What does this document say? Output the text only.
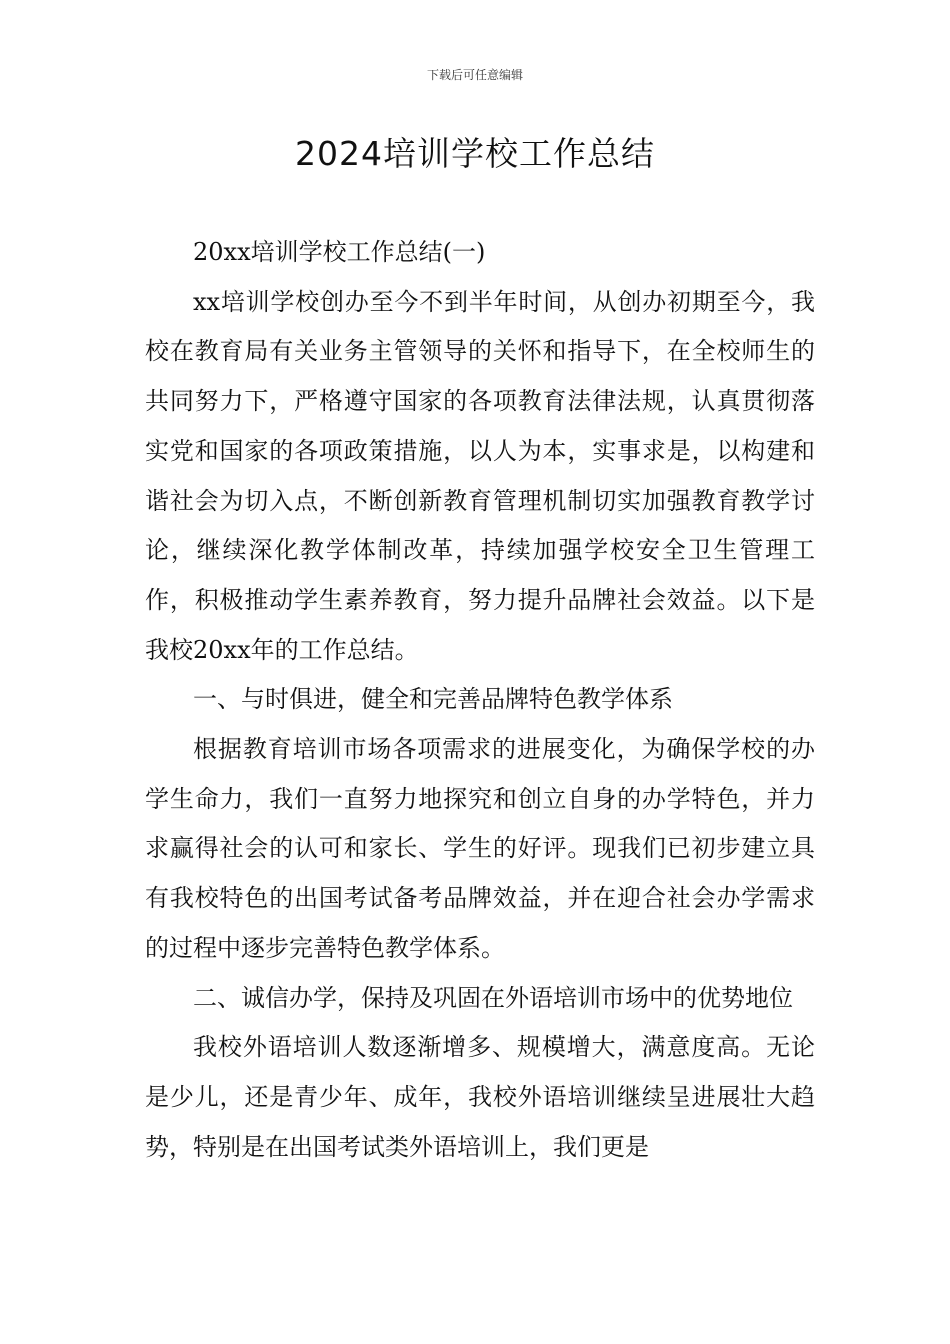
下载后可任意编辑
2024培训学校工作总结

20xx培训学校工作总结(一)

xx培训学校创办至今不到半年时间，从创办初期至今，我校在教育局有关业务主管领导的关怀和指导下，在全校师生的共同努力下，严格遵守国家的各项教育法律法规，认真贯彻落实党和国家的各项政策措施，以人为本，实事求是，以构建和谐社会为切入点，不断创新教育管理机制切实加强教育教学讨论，继续深化教学体制改革，持续加强学校安全卫生管理工作，积极推动学生素养教育，努力提升品牌社会效益。以下是我校20xx年的工作总结。

一、与时俱进，健全和完善品牌特色教学体系

根据教育培训市场各项需求的进展变化，为确保学校的办学生命力，我们一直努力地探究和创立自身的办学特色，并力求赢得社会的认可和家长、学生的好评。现我们已初步建立具有我校特色的出国考试备考品牌效益，并在迎合社会办学需求的过程中逐步完善特色教学体系。

二、诚信办学，保持及巩固在外语培训市场中的优势地位

我校外语培训人数逐渐增多、规模增大，满意度高。无论是少儿，还是青少年、成年，我校外语培训继续呈进展壮大趋势，特别是在出国考试类外语培训上，我们更是
